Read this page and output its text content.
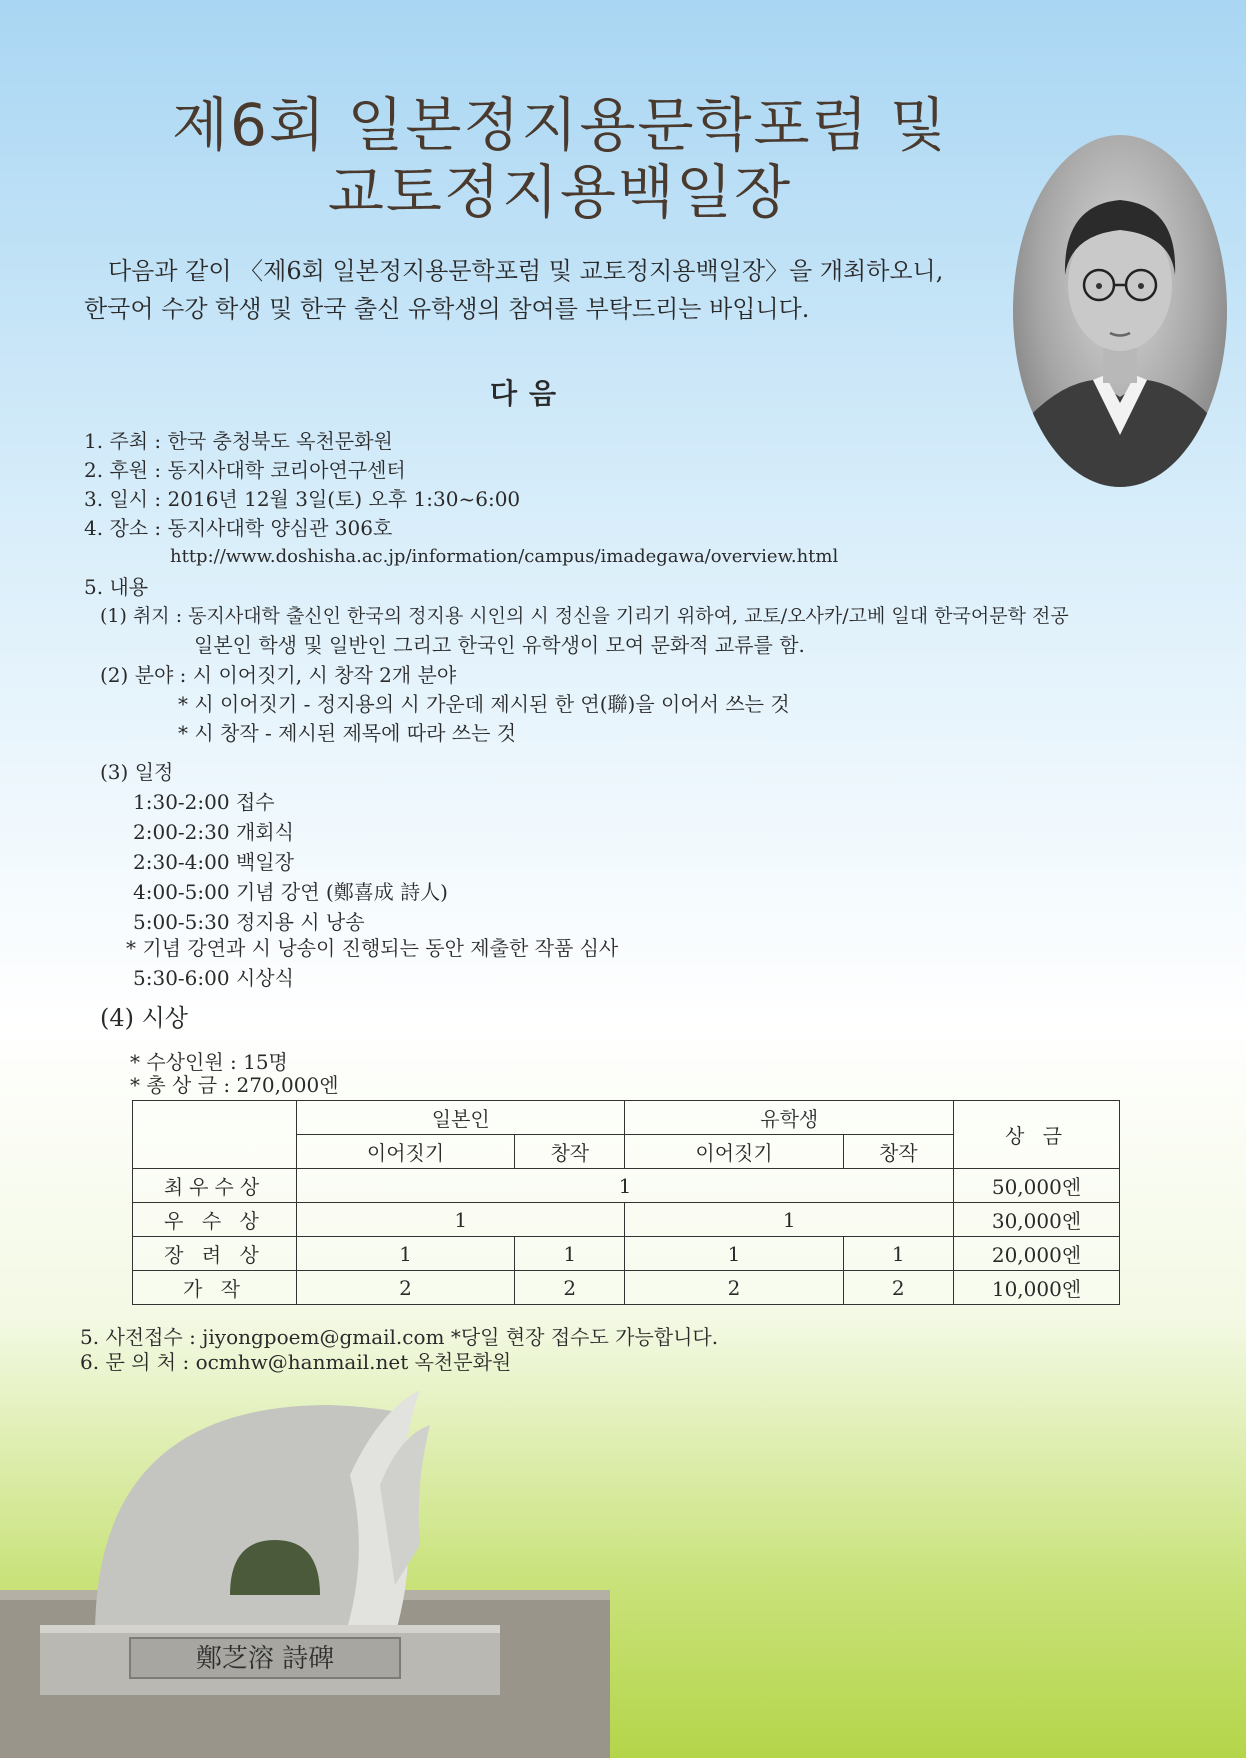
제6회 일본정지용문학포럼 및
교토정지용백일장

다음과 같이 〈제6회 일본정지용문학포럼 및 교토정지용백일장〉을 개최하오니,

한국어 수강 학생 및 한국 출신 유학생의 참여를 부탁드리는 바입니다.

다음
1. 주최 : 한국 충청북도 옥천문화원
2. 후원 : 동지사대학 코리아연구센터
3. 일시 : 2016년 12월 3일(토) 오후 1:30~6:00
4. 장소 : 동지사대학 양심관 306호
http://www.doshisha.ac.jp/information/campus/imadegawa/overview.html
5. 내용
(1) 취지 : 동지사대학 출신인 한국의 정지용 시인의 시 정신을 기리기 위하여, 교토/오사카/고베 일대 한국어문학 전공
일본인 학생 및 일반인 그리고 한국인 유학생이 모여 문화적 교류를 함.
(2) 분야 : 시 이어짓기, 시 창작 2개 분야
* 시 이어짓기 - 정지용의 시 가운데 제시된 한 연(聯)을 이어서 쓰는 것
* 시 창작 - 제시된 제목에 따라 쓰는 것
(3) 일정
1:30-2:00 접수
2:00-2:30 개회식
2:30-4:00 백일장
4:00-5:00 기념 강연 (鄭喜成 詩人)
5:00-5:30 정지용 시 낭송
* 기념 강연과 시 낭송이 진행되는 동안 제출한 작품 심사
5:30-6:00 시상식
(4) 시상
* 수상인원 : 15명
* 총 상 금 : 270,000엔
	일본인		유학생		상 금
	이어짓기	창작	이어짓기	창작	
최우수상	1				50,000엔
우 수 상	1		1		30,000엔
장 려 상	1	1	1	1	20,000엔
가 작	2	2	2	2	10,000엔
5. 사전접수 : jiyongpoem@gmail.com *당일 현장 접수도 가능합니다.
6. 문 의 처 : ocmhw@hanmail.net 옥천문화원
鄭芝溶 詩碑
